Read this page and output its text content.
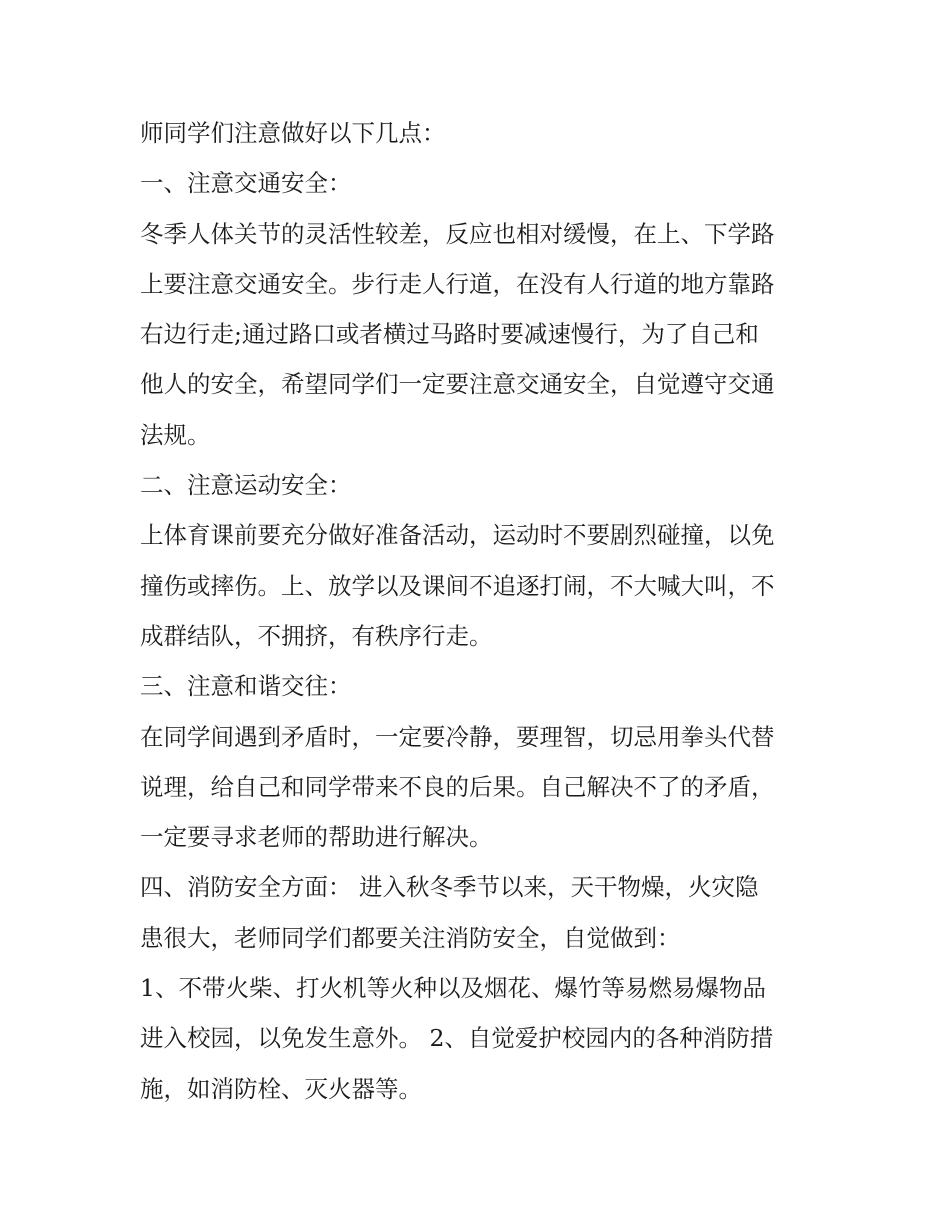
师同学们注意做好以下几点：
一、注意交通安全：
冬季人体关节的灵活性较差，反应也相对缓慢，在上、下学路
上要注意交通安全。步行走人行道，在没有人行道的地方靠路
右边行走;通过路口或者横过马路时要减速慢行，为了自己和
他人的安全，希望同学们一定要注意交通安全，自觉遵守交通
法规。
二、注意运动安全：
上体育课前要充分做好准备活动，运动时不要剧烈碰撞，以免
撞伤或摔伤。上、放学以及课间不追逐打闹，不大喊大叫，不
成群结队，不拥挤，有秩序行走。
三、注意和谐交往：
在同学间遇到矛盾时，一定要冷静，要理智，切忌用拳头代替
说理，给自己和同学带来不良的后果。自己解决不了的矛盾，
一定要寻求老师的帮助进行解决。
四、消防安全方面： 进入秋冬季节以来，天干物燥，火灾隐
患很大，老师同学们都要关注消防安全，自觉做到：
1、不带火柴、打火机等火种以及烟花、爆竹等易燃易爆物品
进入校园，以免发生意外。 2、自觉爱护校园内的各种消防措
施，如消防栓、灭火器等。
